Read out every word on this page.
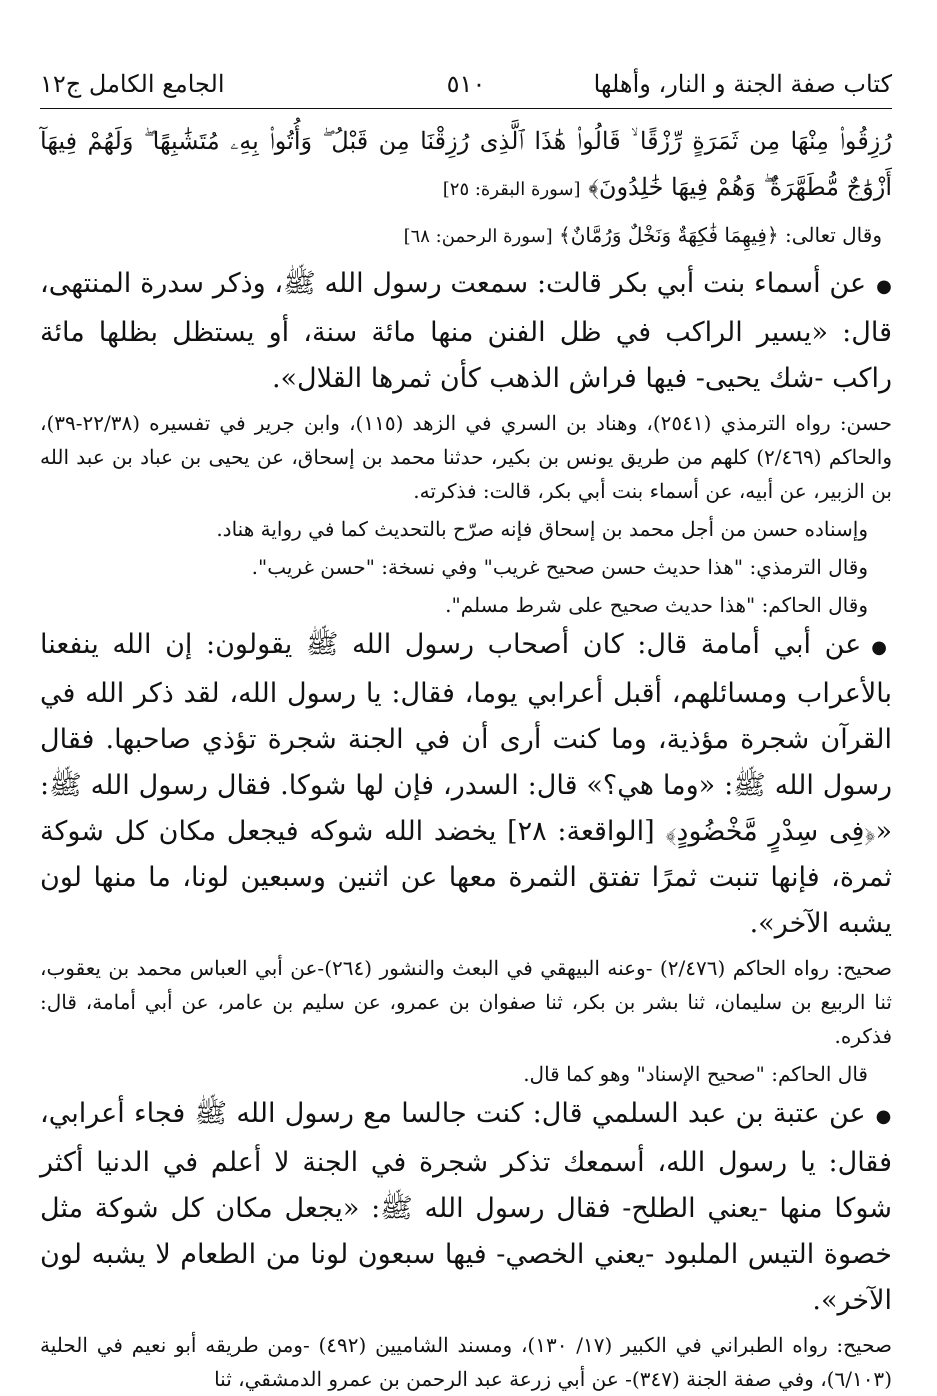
كتاب صفة الجنة و النار، وأهلها
٥١٠
الجامع الكامل ج١٢

رُزِقُوا۟ مِنْهَا مِن ثَمَرَةٍ رِّزْقًا ۙ قَالُوا۟ هَٰذَا ٱلَّذِى رُزِقْنَا مِن قَبْلُ ۖ وَأُتُوا۟ بِهِۦ مُتَشَٰبِهًا ۖ وَلَهُمْ فِيهَآ أَزْوَٰجٌ مُّطَهَّرَةٌ ۖ وَهُمْ فِيهَا خَٰلِدُونَ﴾ [سورة البقرة: ٢٥]

وقال تعالى: ﴿فِيهِمَا فَٰكِهَةٌ وَنَخْلٌ وَرُمَّانٌ﴾ [سورة الرحمن: ٦٨]

●عن أسماء بنت أبي بكر قالت: سمعت رسول الله ﷺ، وذكر سدرة المنتهى، قال: «يسير الراكب في ظل الفنن منها مائة سنة، أو يستظل بظلها مائة راكب -شك يحيى- فيها فراش الذهب كأن ثمرها القلال».

حسن: رواه الترمذي (٢٥٤١)، وهناد بن السري في الزهد (١١٥)، وابن جرير في تفسيره (٢٢/٣٨-٣٩)، والحاكم (٢/٤٦٩) كلهم من طريق يونس بن بكير، حدثنا محمد بن إسحاق، عن يحيى بن عباد بن عبد الله بن الزبير، عن أبيه، عن أسماء بنت أبي بكر، قالت: فذكرته.

وإسناده حسن من أجل محمد بن إسحاق فإنه صرّح بالتحديث كما في رواية هناد.

وقال الترمذي: "هذا حديث حسن صحيح غريب" وفي نسخة: "حسن غريب".

وقال الحاكم: "هذا حديث صحيح على شرط مسلم".

●عن أبي أمامة قال: كان أصحاب رسول الله ﷺ يقولون: إن الله ينفعنا بالأعراب ومسائلهم، أقبل أعرابي يوما، فقال: يا رسول الله، لقد ذكر الله في القرآن شجرة مؤذية، وما كنت أرى أن في الجنة شجرة تؤذي صاحبها. فقال رسول الله ﷺ: «وما هي؟» قال: السدر، فإن لها شوكا. فقال رسول الله ﷺ: «﴿فِى سِدْرٍ مَّخْضُودٍ﴾ [الواقعة: ٢٨] يخضد الله شوكه فيجعل مكان كل شوكة ثمرة، فإنها تنبت ثمرًا تفتق الثمرة معها عن اثنين وسبعين لونا، ما منها لون يشبه الآخر».

صحيح: رواه الحاكم (٢/٤٧٦) -وعنه البيهقي في البعث والنشور (٢٦٤)-عن أبي العباس محمد بن يعقوب، ثنا الربيع بن سليمان، ثنا بشر بن بكر، ثنا صفوان بن عمرو، عن سليم بن عامر، عن أبي أمامة، قال: فذكره.

قال الحاكم: "صحيح الإسناد" وهو كما قال.

●عن عتبة بن عبد السلمي قال: كنت جالسا مع رسول الله ﷺ فجاء أعرابي، فقال: يا رسول الله، أسمعك تذكر شجرة في الجنة لا أعلم في الدنيا أكثر شوكا منها -يعني الطلح- فقال رسول الله ﷺ: «يجعل مكان كل شوكة مثل خصوة التيس الملبود -يعني الخصي- فيها سبعون لونا من الطعام لا يشبه لون الآخر».

صحيح: رواه الطبراني في الكبير (١٧/ ١٣٠)، ومسند الشاميين (٤٩٢) -ومن طريقه أبو نعيم في الحلية (٦/١٠٣)، وفي صفة الجنة (٣٤٧)- عن أبي زرعة عبد الرحمن بن عمرو الدمشقي، ثنا
